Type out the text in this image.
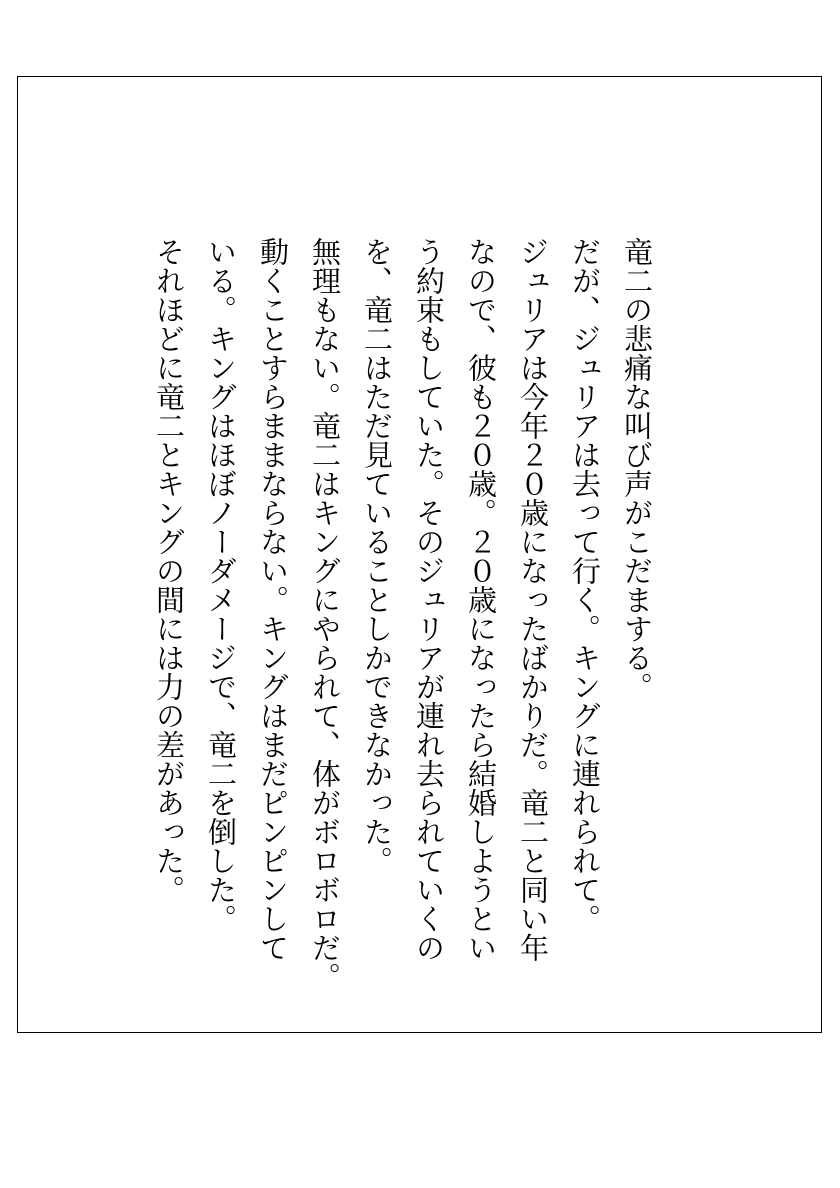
竜二の悲痛な叫び声がこだまする。
だが、ジュリアは去って行く。キングに連れられて。
ジュリアは今年２０歳になったばかりだ。竜二と同い年
なので、彼も２０歳。２０歳になったら結婚しようとい
う約束もしていた。そのジュリアが連れ去られていくの
を、竜二はただ見ていることしかできなかった。
無理もない。竜二はキングにやられて、体がボロボロだ。
動くことすらままならない。キングはまだピンピンして
いる。キングはほぼノーダメージで、竜二を倒した。
それほどに竜二とキングの間には力の差があった。
